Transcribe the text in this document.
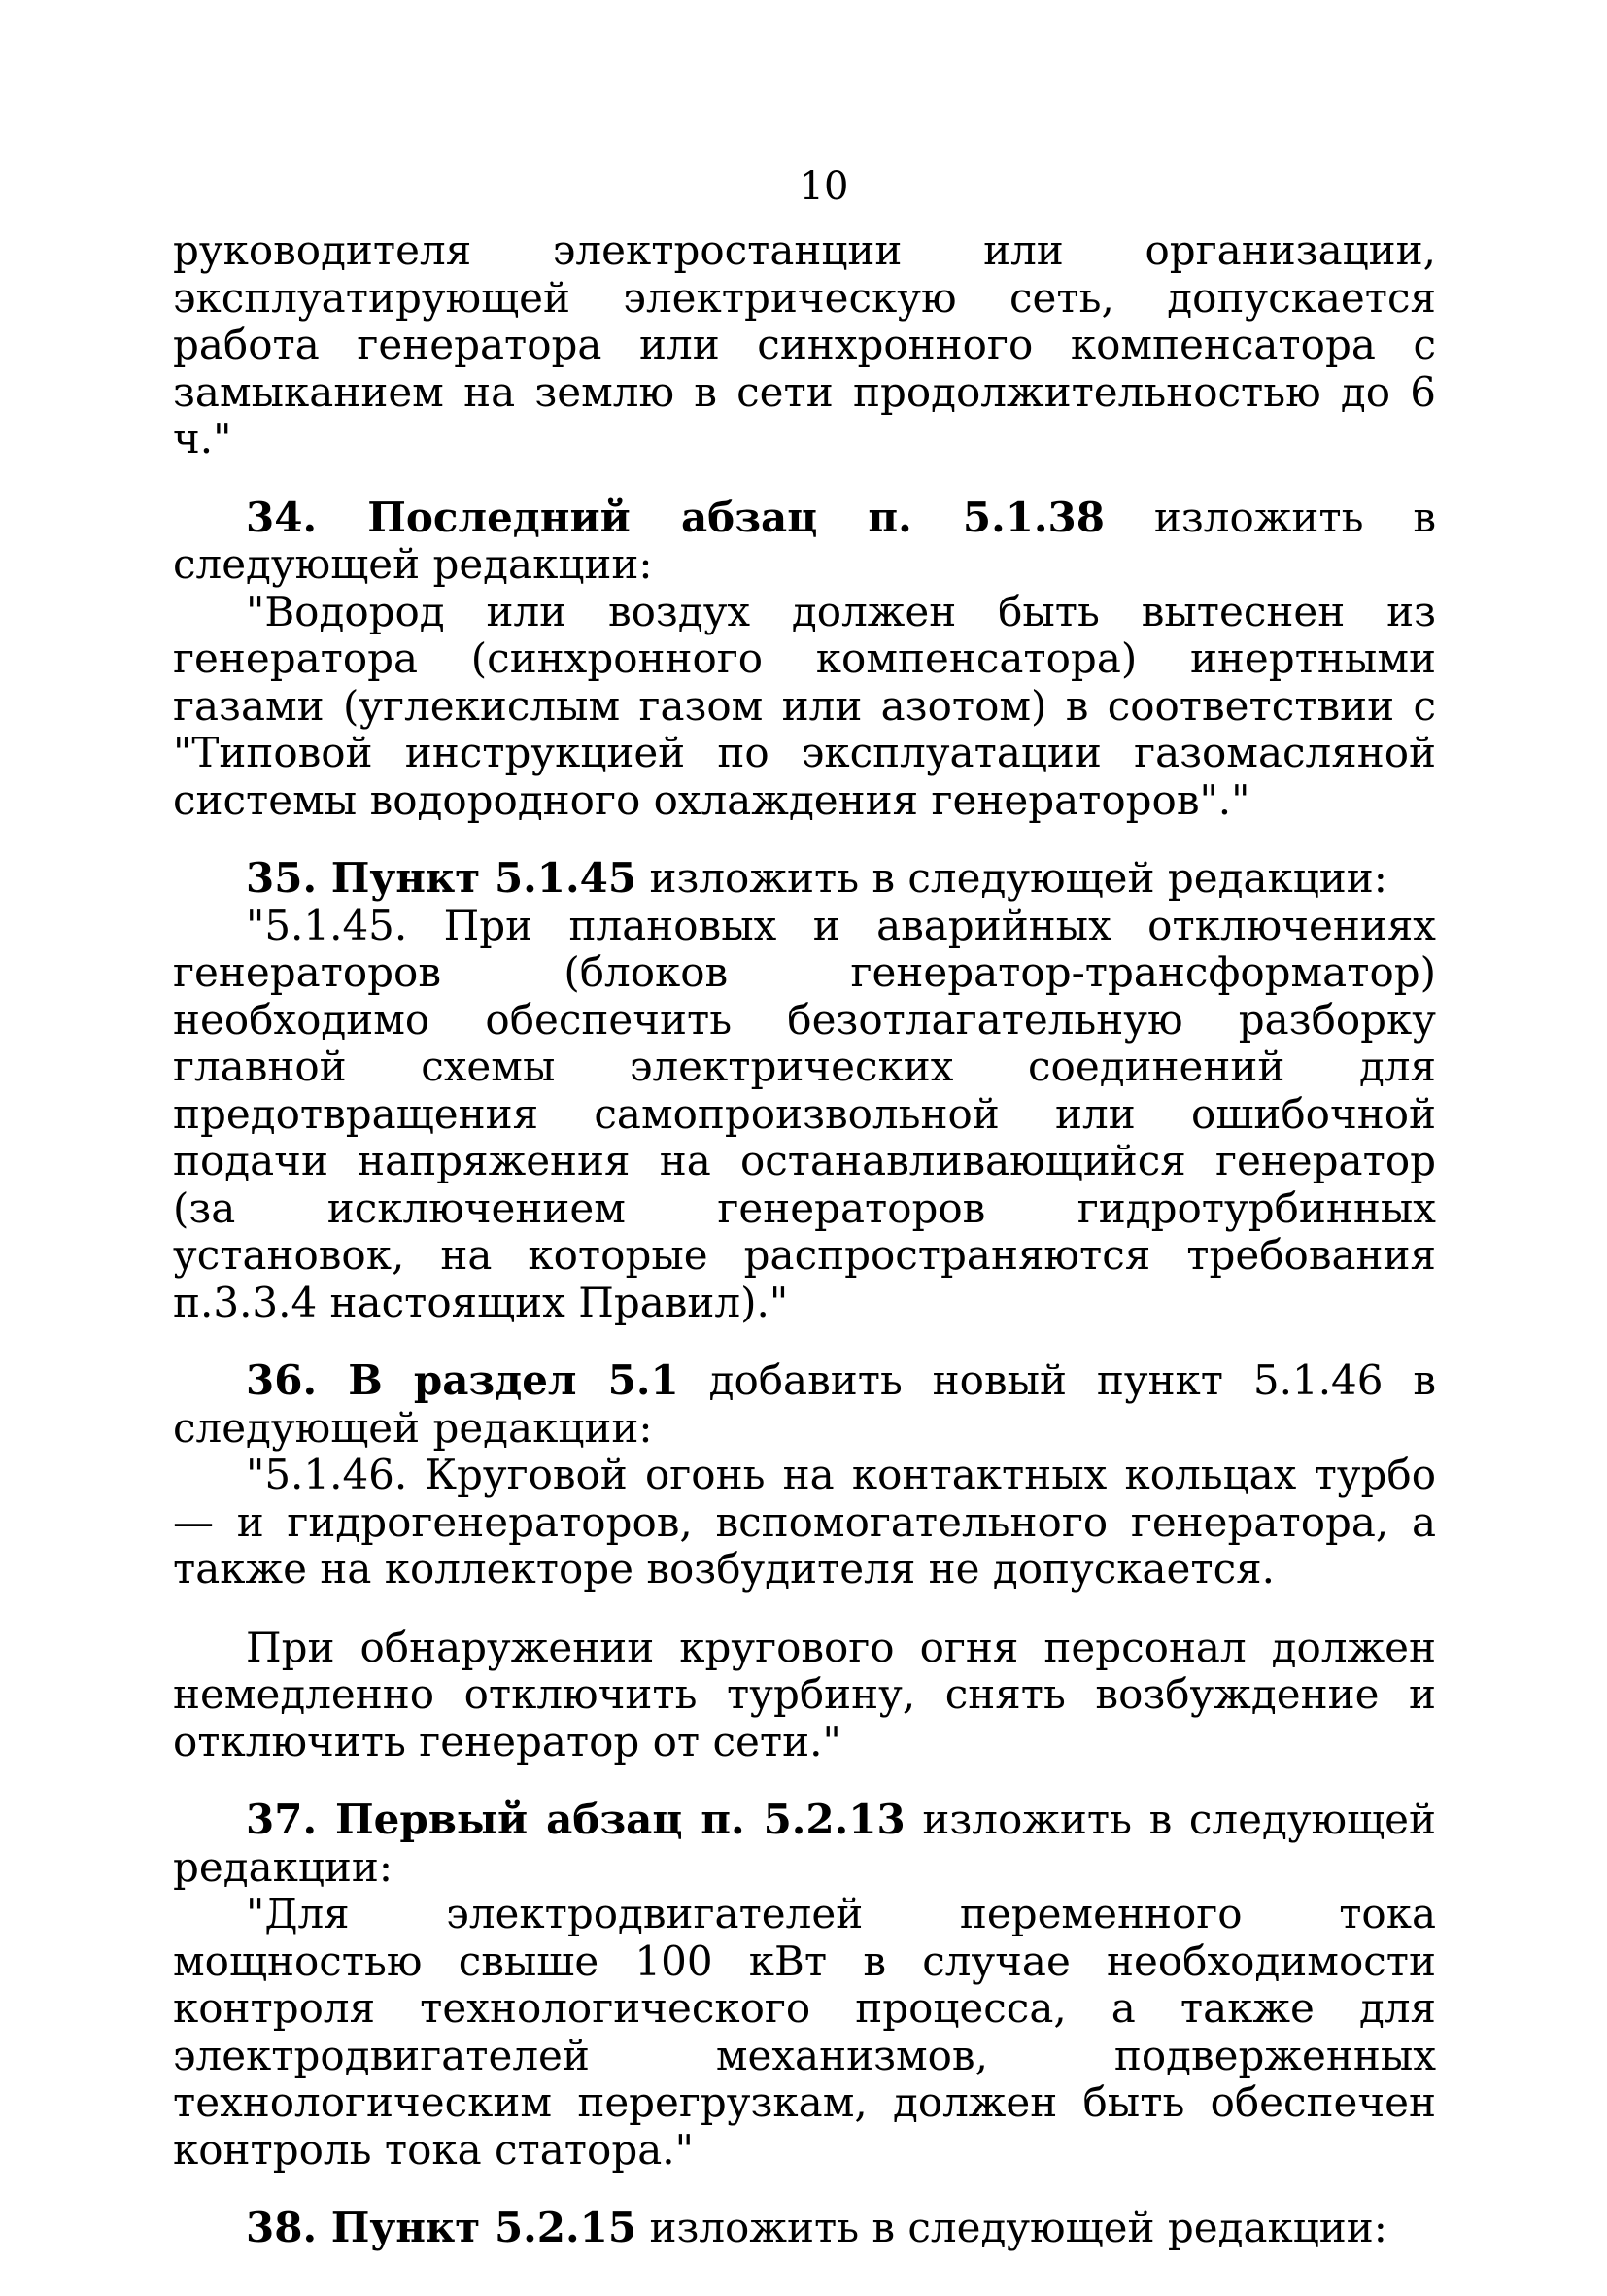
10

руководителя электростанции или организации, эксплуатирующей электрическую сеть, допускается работа генератора или синхронного компенсатора с замыканием на землю в сети продолжительностью до 6 ч."

34. Последний абзац п. 5.1.38 изложить в следующей редакции:

"Водород или воздух должен быть вытеснен из генератора (синхронного компенсатора) инертными газами (углекислым газом или азотом) в соответствии с "Типовой инструкцией по эксплуатации газомасляной системы водородного охлаждения генераторов"."

35. Пункт 5.1.45 изложить в следующей редакции:

"5.1.45. При плановых и аварийных отключениях генераторов (блоков генератор-трансформатор) необходимо обеспечить безотлагательную разборку главной схемы электрических соединений для предотвращения самопроизвольной или ошибочной подачи напряжения на останавливающийся генератор (за исключением генераторов гидротурбинных установок, на которые распространяются требования п.3.3.4 настоящих Правил)."

36. В раздел 5.1 добавить новый пункт 5.1.46 в следующей редакции:

"5.1.46. Круговой огонь на контактных кольцах турбо — и гидрогенераторов, вспомогательного генератора, а также на коллекторе возбудителя не допускается.

При обнаружении кругового огня персонал должен немедленно отключить турбину, снять возбуждение и отключить генератор от сети."

37. Первый абзац п. 5.2.13 изложить в следующей редакции:

"Для электродвигателей переменного тока мощностью свыше 100 кВт в случае необходимости контроля технологического процесса, а также для электродвигателей механизмов, подверженных технологическим перегрузкам, должен быть обеспечен контроль тока статора."

38. Пункт 5.2.15 изложить в следующей редакции:
